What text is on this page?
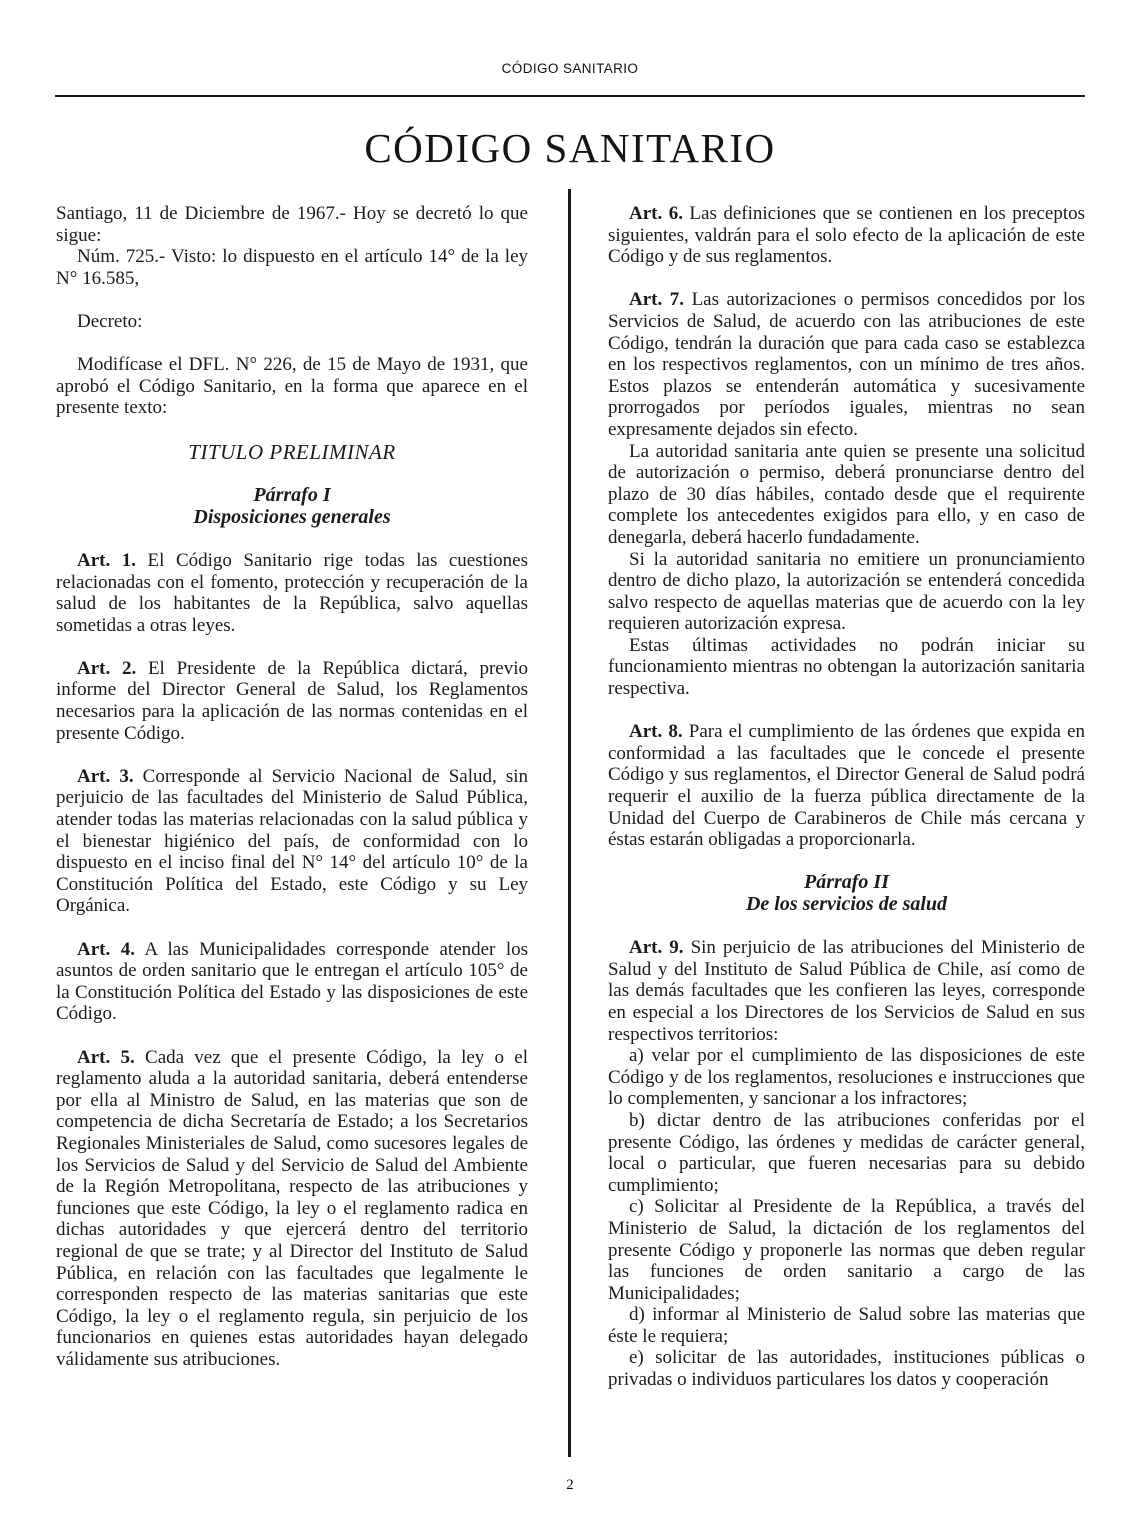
CÓDIGO SANITARIO
CÓDIGO SANITARIO

Santiago, 11 de Diciembre de 1967.- Hoy se decretó lo que sigue:

Núm. 725.- Visto: lo dispuesto en el artículo 14° de la ley N° 16.585,

Decreto:

Modifícase el DFL. N° 226, de 15 de Mayo de 1931, que aprobó el Código Sanitario, en la forma que aparece en el presente texto:

TITULO PRELIMINAR

Párrafo I

Disposiciones generales

Art. 1. El Código Sanitario rige todas las cuestiones relacionadas con el fomento, protección y recuperación de la salud de los habitantes de la República, salvo aquellas sometidas a otras leyes.

Art. 2. El Presidente de la República dictará, previo informe del Director General de Salud, los Reglamentos necesarios para la aplicación de las normas contenidas en el presente Código.

Art. 3. Corresponde al Servicio Nacional de Salud, sin perjuicio de las facultades del Ministerio de Salud Pública, atender todas las materias relacionadas con la salud pública y el bienestar higiénico del país, de conformidad con lo dispuesto en el inciso final del N° 14° del artículo 10° de la Constitución Política del Estado, este Código y su Ley Orgánica.

Art. 4. A las Municipalidades corresponde atender los asuntos de orden sanitario que le entregan el artículo 105° de la Constitución Política del Estado y las disposiciones de este Código.

Art. 5. Cada vez que el presente Código, la ley o el reglamento aluda a la autoridad sanitaria, deberá entenderse por ella al Ministro de Salud, en las materias que son de competencia de dicha Secretaría de Estado; a los Secretarios Regionales Ministeriales de Salud, como sucesores legales de los Servicios de Salud y del Servicio de Salud del Ambiente de la Región Metropolitana, respecto de las atribuciones y funciones que este Código, la ley o el reglamento radica en dichas autoridades y que ejercerá dentro del territorio regional de que se trate; y al Director del Instituto de Salud Pública, en relación con las facultades que legalmente le corresponden respecto de las materias sanitarias que este Código, la ley o el reglamento regula, sin perjuicio de los funcionarios en quienes estas autoridades hayan delegado válidamente sus atribuciones.

Art. 6. Las definiciones que se contienen en los preceptos siguientes, valdrán para el solo efecto de la aplicación de este Código y de sus reglamentos.

Art. 7. Las autorizaciones o permisos concedidos por los Servicios de Salud, de acuerdo con las atribuciones de este Código, tendrán la duración que para cada caso se establezca en los respectivos reglamentos, con un mínimo de tres años. Estos plazos se entenderán automática y sucesivamente prorrogados por períodos iguales, mientras no sean expresamente dejados sin efecto.

La autoridad sanitaria ante quien se presente una solicitud de autorización o permiso, deberá pronunciarse dentro del plazo de 30 días hábiles, contado desde que el requirente complete los antecedentes exigidos para ello, y en caso de denegarla, deberá hacerlo fundadamente.

Si la autoridad sanitaria no emitiere un pronunciamiento dentro de dicho plazo, la autorización se entenderá concedida salvo respecto de aquellas materias que de acuerdo con la ley requieren autorización expresa.

Estas últimas actividades no podrán iniciar su funcionamiento mientras no obtengan la autorización sanitaria respectiva.

Art. 8. Para el cumplimiento de las órdenes que expida en conformidad a las facultades que le concede el presente Código y sus reglamentos, el Director General de Salud podrá requerir el auxilio de la fuerza pública directamente de la Unidad del Cuerpo de Carabineros de Chile más cercana y éstas estarán obligadas a proporcionarla.

Párrafo II

De los servicios de salud

Art. 9. Sin perjuicio de las atribuciones del Ministerio de Salud y del Instituto de Salud Pública de Chile, así como de las demás facultades que les confieren las leyes, corresponde en especial a los Directores de los Servicios de Salud en sus respectivos territorios:

a) velar por el cumplimiento de las disposiciones de este Código y de los reglamentos, resoluciones e instrucciones que lo complementen, y sancionar a los infractores;

b) dictar dentro de las atribuciones conferidas por el presente Código, las órdenes y medidas de carácter general, local o particular, que fueren necesarias para su debido cumplimiento;

c) Solicitar al Presidente de la República, a través del Ministerio de Salud, la dictación de los reglamentos del presente Código y proponerle las normas que deben regular las funciones de orden sanitario a cargo de las Municipalidades;

d) informar al Ministerio de Salud sobre las materias que éste le requiera;

e) solicitar de las autoridades, instituciones públicas o privadas o individuos particulares los datos y cooperación

2
